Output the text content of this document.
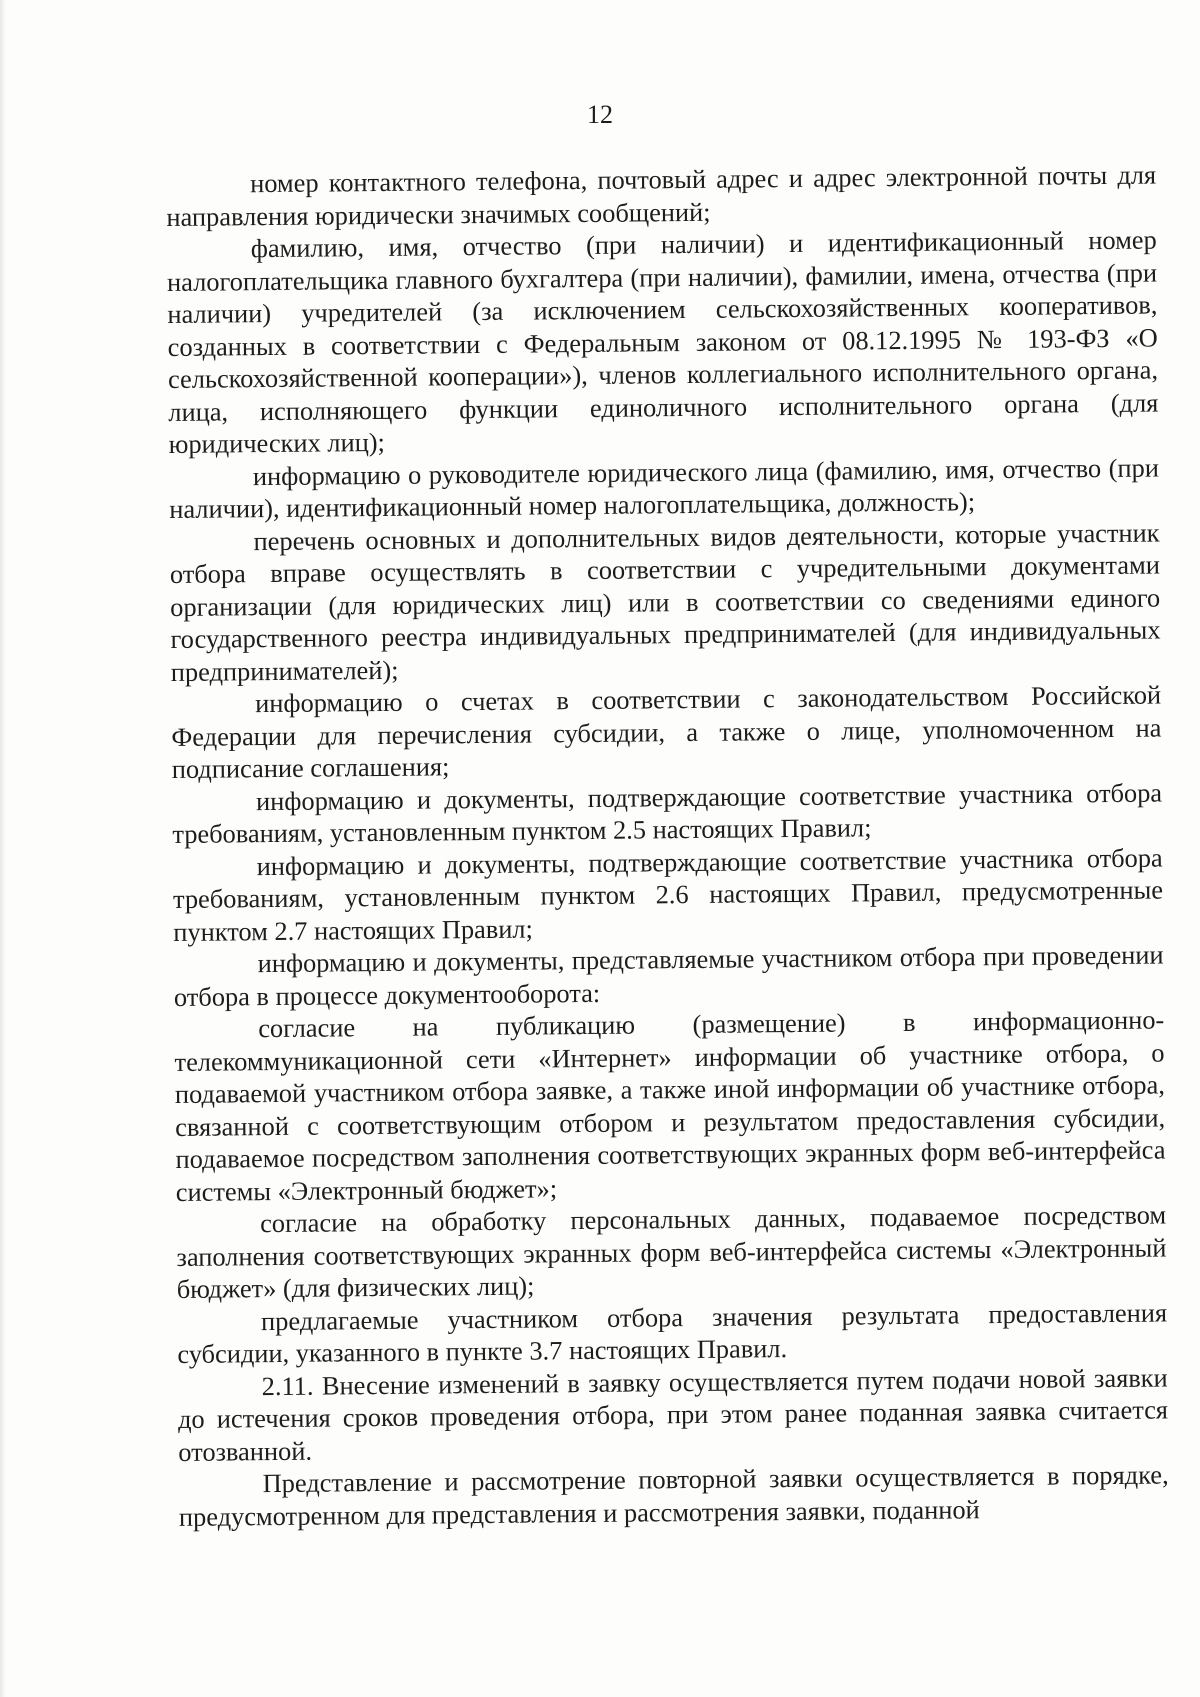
12

номер контактного телефона, почтовый адрес и адрес электронной почты для направления юридически значимых сообщений;

фамилию, имя, отчество (при наличии) и идентификационный номер налогоплательщика главного бухгалтера (при наличии), фамилии, имена, отчества (при наличии) учредителей (за исключением сельскохозяйственных кооперативов, созданных в соответствии с Федеральным законом от 08.12.1995 № 193-ФЗ «О сельскохозяйственной кооперации»), членов коллегиального исполнительного органа, лица, исполняющего функции единоличного исполнительного органа (для юридических лиц);

информацию о руководителе юридического лица (фамилию, имя, отчество (при наличии), идентификационный номер налогоплательщика, должность);

перечень основных и дополнительных видов деятельности, которые участник отбора вправе осуществлять в соответствии с учредительными документами организации (для юридических лиц) или в соответствии со сведениями единого государственного реестра индивидуальных предпринимателей (для индивидуальных предпринимателей);

информацию о счетах в соответствии с законодательством Российской Федерации для перечисления субсидии, а также о лице, уполномоченном на подписание соглашения;

информацию и документы, подтверждающие соответствие участника отбора требованиям, установленным пунктом 2.5 настоящих Правил;

информацию и документы, подтверждающие соответствие участника отбора требованиям, установленным пунктом 2.6 настоящих Правил, предусмотренные пунктом 2.7 настоящих Правил;

информацию и документы, представляемые участником отбора при проведении отбора в процессе документооборота:

согласие на публикацию (размещение) в информационно-телекоммуникационной сети «Интернет» информации об участнике отбора, о подаваемой участником отбора заявке, а также иной информации об участнике отбора, связанной с соответствующим отбором и результатом предоставления субсидии, подаваемое посредством заполнения соответствующих экранных форм веб-интерфейса системы «Электронный бюджет»;

согласие на обработку персональных данных, подаваемое посредством заполнения соответствующих экранных форм веб-интерфейса системы «Электронный бюджет» (для физических лиц);

предлагаемые участником отбора значения результата предоставления субсидии, указанного в пункте 3.7 настоящих Правил.

2.11. Внесение изменений в заявку осуществляется путем подачи новой заявки до истечения сроков проведения отбора, при этом ранее поданная заявка считается отозванной.

Представление и рассмотрение повторной заявки осуществляется в порядке, предусмотренном для представления и рассмотрения заявки, поданной
